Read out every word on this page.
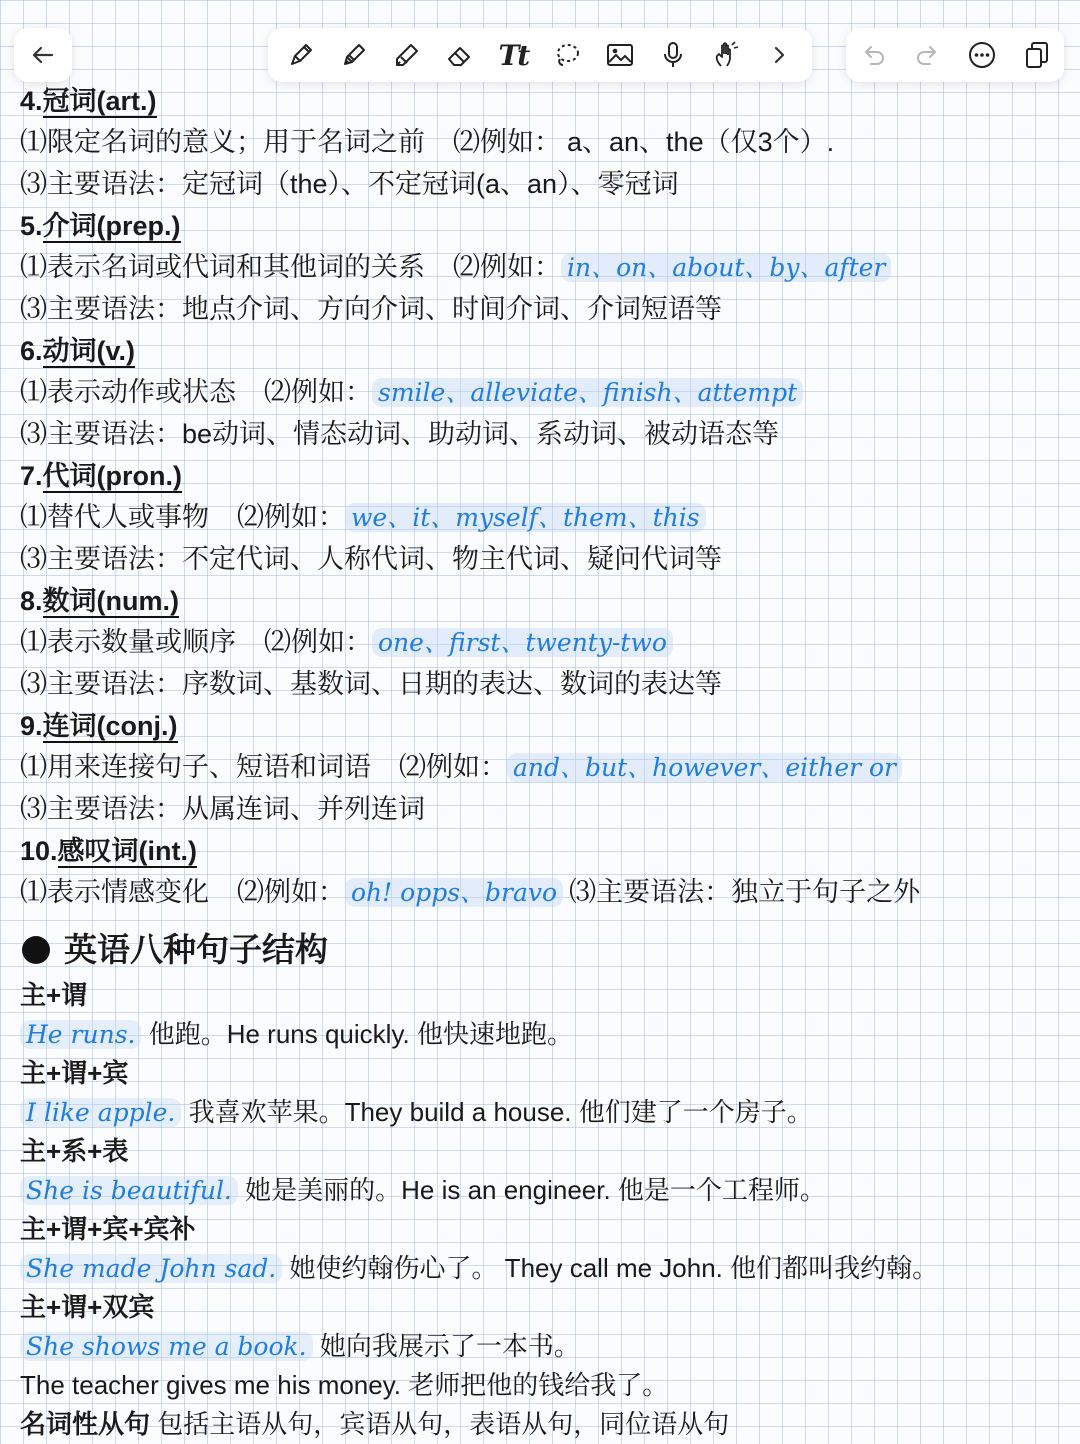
Tt
4.冠词(art.)
⑴限定名词的意义；用于名词之前 ⑵例如： a、an、the（仅3个）.
⑶主要语法：定冠词（the）、不定冠词(a、an）、零冠词
5.介词(prep.)
⑴表示名词或代词和其他词的关系 ⑵例如： in、on、about、by、after
⑶主要语法：地点介词、方向介词、时间介词、介词短语等
6.动词(v.)
⑴表示动作或状态 ⑵例如： smile、alleviate、finish、attempt
⑶主要语法：be动词、情态动词、助动词、系动词、被动语态等
7.代词(pron.)
⑴替代人或事物 ⑵例如： we、it、myself、them、this
⑶主要语法：不定代词、人称代词、物主代词、疑问代词等
8.数词(num.)
⑴表示数量或顺序 ⑵例如： one、first、twenty-two
⑶主要语法：序数词、基数词、日期的表达、数词的表达等
9.连词(conj.)
⑴用来连接句子、短语和词语 ⑵例如： and、but、however、either or
⑶主要语法：从属连词、并列连词
10.感叹词(int.)
⑴表示情感变化 ⑵例如： oh! opps、bravo ⑶主要语法：独立于句子之外
英语八种句子结构
主+谓
He runs. 他跑。He runs quickly. 他快速地跑。
主+谓+宾
I like apple. 我喜欢苹果。They build a house. 他们建了一个房子。
主+系+表
She is beautiful. 她是美丽的。He is an engineer. 他是一个工程师。
主+谓+宾+宾补
She made John sad. 她使约翰伤心了。 They call me John. 他们都叫我约翰。
主+谓+双宾
She shows me a book. 她向我展示了一本书。
The teacher gives me his money. 老师把他的钱给我了。
名词性从句 包括主语从句，宾语从句，表语从句，同位语从句
